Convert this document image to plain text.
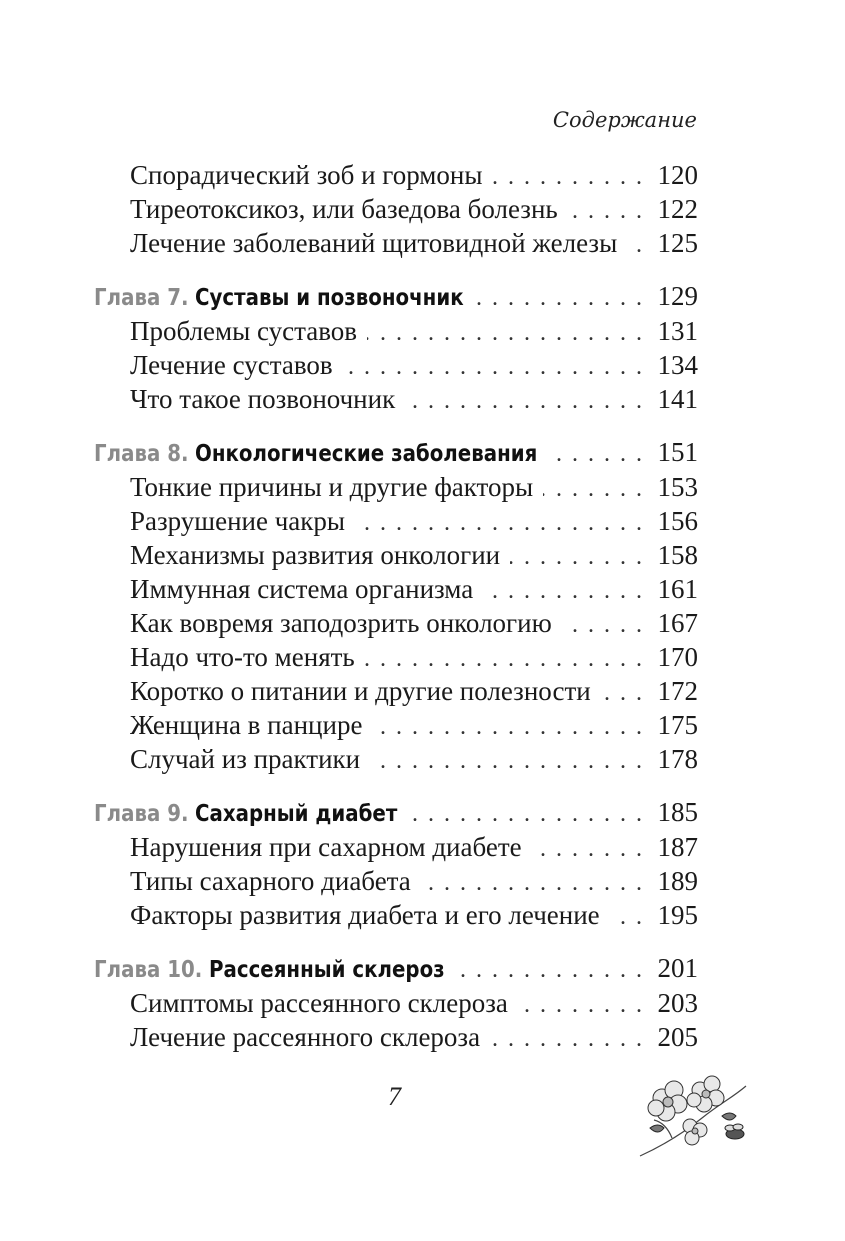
Содержание
Спорадический зоб и гормоны . . .	120
Тиреотоксикоз, или базедова болезнь . . .	122
Лечение заболеваний щитовидной железы . . . 125
Глава 7. Суставы и позвоночник . . .	129
Проблемы суставов . . .	131
Лечение суставов . . .	134
Что такое позвоночник . . .	141
Глава 8. Онкологические заболевания . . .	151
Тонкие причины и другие факторы . . .	153
Разрушение чакры . . .	156
Механизмы развития онкологии . . .	158
Иммунная система организма . . .	161
Как вовремя заподозрить онкологию . . .	167
Надо что-то менять . . .	170
Коротко о питании и другие полезности . . . 172
Женщина в панцире . . .	175
Случай из практики . . .	178
Глава 9. Сахарный диабет . . .	185
Нарушения при сахарном диабете . . .	187
Типы сахарного диабета . . .	189
Факторы развития диабета и его лечение . . . 195
Глава 10. Рассеянный склероз . . .	201
Симптомы рассеянного склероза . . .	203
Лечение рассеянного склероза . . .	205
7
